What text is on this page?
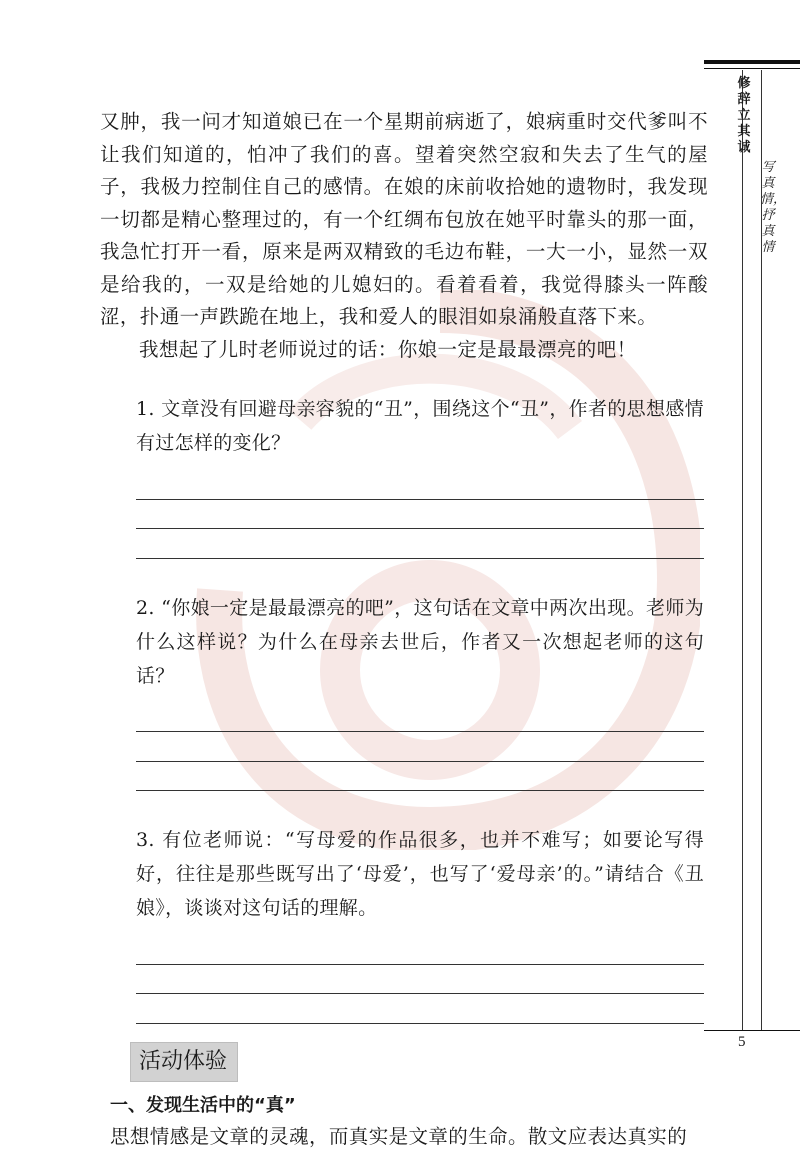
修辞立其诚
写真情，抒真情
5

又肿，我一问才知道娘已在一个星期前病逝了，娘病重时交代爹叫不让我们知道的，怕冲了我们的喜。望着突然空寂和失去了生气的屋子，我极力控制住自己的感情。在娘的床前收拾她的遗物时，我发现一切都是精心整理过的，有一个红绸布包放在她平时靠头的那一面，我急忙打开一看，原来是两双精致的毛边布鞋，一大一小，显然一双是给我的，一双是给她的儿媳妇的。看着看着，我觉得膝头一阵酸涩，扑通一声跌跪在地上，我和爱人的眼泪如泉涌般直落下来。

我想起了儿时老师说过的话：你娘一定是最最漂亮的吧！

1. 文章没有回避母亲容貌的“丑”，围绕这个“丑”，作者的思想感情有过怎样的变化？

2. “你娘一定是最最漂亮的吧”，这句话在文章中两次出现。老师为什么这样说？为什么在母亲去世后，作者又一次想起老师的这句话？

3. 有位老师说：“写母爱的作品很多，也并不难写；如要论写得好，往往是那些既写出了‘母爱’，也写了‘爱母亲’的。”请结合《丑娘》，谈谈对这句话的理解。

活动体验
一、发现生活中的“真”
思想情感是文章的灵魂，而真实是文章的生命。散文应表达真实的
